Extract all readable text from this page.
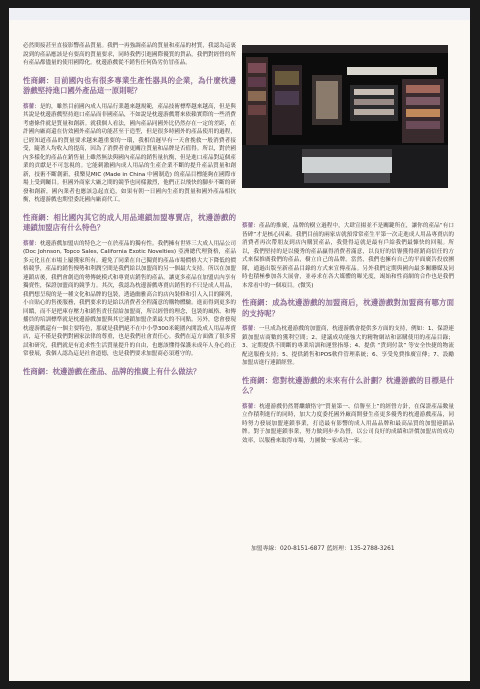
必然間接甚至直接影響產品質量。我們一再強調產品的質量和產品的材質，我認為這裏說到的產品應該是有要高的質量要求，同時我們引進國際優質的貨品，我們對經營的所有產品都儘量的使用國際化。枕邊游戲從不銷售任何偽劣仿冒產品。

性商網：目前國內也有很多專業生產性器具的企業，為什麼枕邊游戲堅持進口國外產品這一原則呢？

蔡蕾：是的，雖然目前國內成人用品行業越來越規範，產品技術標準越來越高，但是與其說是枕邊游戲堅持進口產品而非國產品，不如說是枕邊游戲將來依賴實際的一些消費考慮條件就是質量和創新。就我個人看法，國內產品同國外比仍然存在一定的差距，在許國內廠商還在仿效國外產品的功能甚至于造型，但是很多時國外的產品使用的過程，已經知道產品的質量要求越來越重要的一環，我相信遲早有一天會挽救一般消費者接受，隨著人均收入的提高，因為了消費者會更關注質量和品牌是否值得。所以，對於國內多樣化的產品在銷售量上雖然無法與國內產品的銷售量抗衡，但是進口產品對這個產業的貢獻是不可忽視的。它能刺激國內成人用品的生產企業不斷的提升產品質量和創新，技術不斷創新，我樂見MIC (Made in China 中國制造) 的產品目標能夠在國際市場上受到矚目。但國外商家大廠之間的競爭也同樣激烈，他們正以飛快的腳步不斷的研發和創新，國內業者也應該急起直追，如果有朝一日國內生產的質量和國外產品相抗衡，枕邊游戲也期望委託國內廠商代工。

性商網：相比國內其它的成人用品連鎖加盟專賣店，枕邊游戲的連鎖加盟店有什么特色？

蔡蕾：枕邊游戲加盟店的特色之一在於產品的獨有性。我們擁有世界三大成人用品公司 (Doc Johnson, Topco Sales, California Exotic Novelties) 亞洲總代理資格，產品多元化且在市場上屢獲家所有。避免了同業在自己獨賣的產品市場價格大大下降低的價格競爭，產品的銷售慢勢和利潤空間是我們給以加盟商的另一個最大支持。所以在加盟連鎖店後，我們會創造的勢傳統模式和專賣店銷售的產品，讓更多產品在加盟店內享有獨賣性，保證加盟商的競爭力。其次，我認為枕邊游戲專賣店銷售的不只是成人用品，我們想呈現的是一種文化和品牌的包裝，透過幽雅高合的店內裝修和引人入目的陳列，小自貼心的售後服務，我們要求的是給以消費者全程滿意的購物體驗。進而得到更多的回饋，而不是把庫存壓力和銷售責任留給加盟商，所以經營的理念，包裝的風格、和傳播員的培訓標準就是枕邊游戲加盟與其它連鎖加盟企業最大的不同點。另外，您會發現枕邊游戲還有一個主要特色，那就是我們絕不在中小學300米範圍內開設成人用品專賣店，這不僅是我們對國家法律的尊重，也是我們社會責任心。我們在這方面做了很多嘗試和研究，我們就是有追求性生活質量提升的自由，也應該懂得保護未成年人身心的正常發展，我個人認為這是社會道德，也是我們要求加盟商必須遵守的。

性商網：枕邊游戲在產品、品牌的推廣上有什么做法？

蔡蕾：產品的推廣，品牌的樹立過程中，大肆宣揚並不是關鍵所在，讓你的產品“有口皆碑”才是核心因素。我們目前的兩家店就預常常產生平第一次走進成人用品專賣店的消費者再次帶朋友到店內購買產品，我覺得這就是最有戶給我們最慷快的回報。所以，我們堅持的是以優秀的產品贏得消費者滿意，以良好的信譽獲得經銷商信任的方式來保推廣我們的產品，樹立自己的品牌。當然，我們也擁有自己的平面廣告投放團隊，通過出版至新產品目錄的方式來宣傳產品。另外我們定期與國內最多關聯媒及同時也積極參加各大展會，並尋求在各大媒體的曝光度，竭始和性商網的合作也是我們本常看中的一個項目。(微笑)

性商網：成為枕邊游戲的加盟商后，枕邊游戲對加盟商有哪方面的支持呢？

蔡蕾：一旦成為枕邊游戲的加盟商，枕邊游戲會提供多方面的支持，例如：1、保證連鎖加盟店商數的獲利空間；2、建議成功能強大的精物網站和部購使用的產品目錄；3、定期提供不間斷的專業培訓和運營指導；4、提供 “貨到付款” 等安全快捷的物流配送服務支持；5、提供銷售和POS軟件管理系統；6、享受免費推廣宣傳；7、設勵加盟店進行連鎖經營。

性商網：您對枕邊游戲的未來有什么計劃？枕邊游戲的目標是什么？

蔡蕾：枕邊游戲仍然將繼續恪守“質量第一、信譽至上”的經營方針，在保證產品數量立作積利進行的同時，加大力度委托國外廠商開發生產更多優秀的枕邊游戲產品，同時努力發展加盟連鎖事業，打造最有影響的成人用品品牌和最高品質的加盟連鎖品牌。對于加盟連鎖事業，努力做到步步為營，以公司良好的成績和評價加盟店的成功效率，以服務來取得市場，力圖做一家成功一家。

加盟專線：020-8151-6877 藍經理：135-2788-3261
